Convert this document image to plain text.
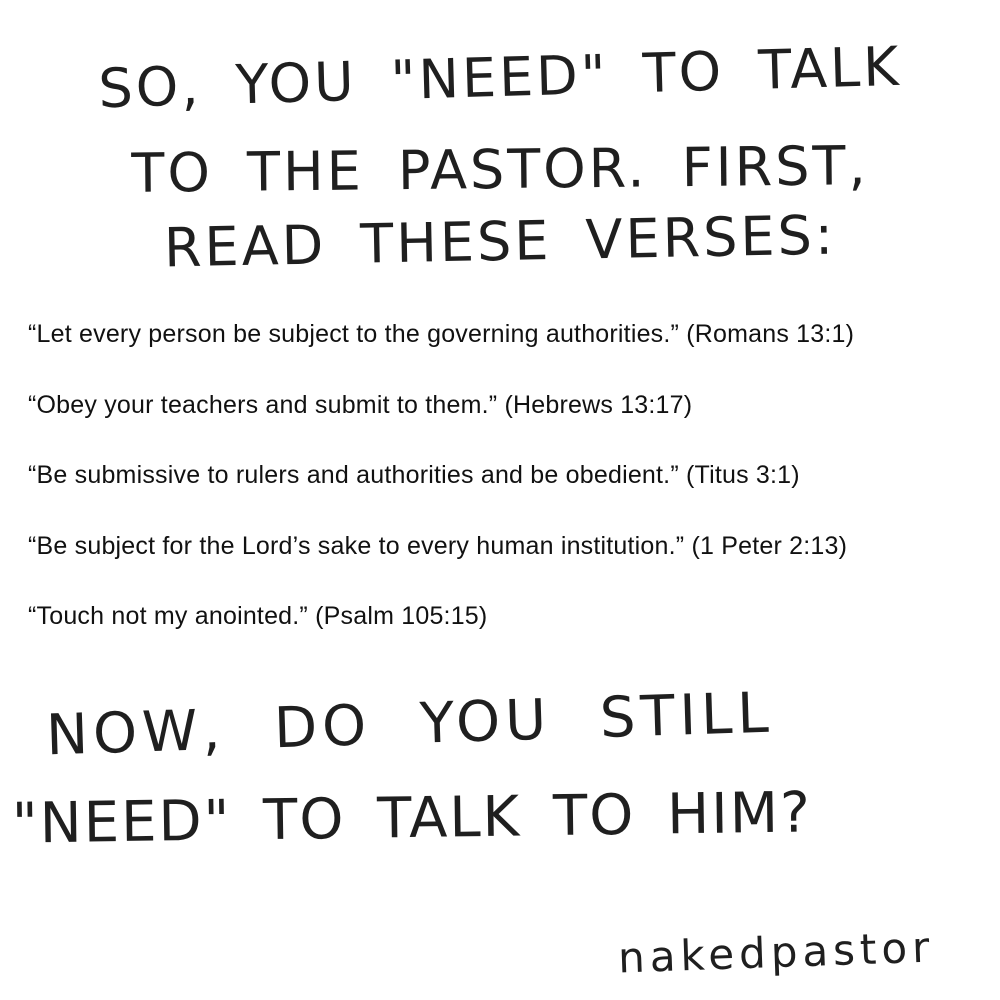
SO, YOU "NEED" TO TALK
TO THE PASTOR. FIRST,
READ THESE VERSES:
“Let every person be subject to the governing authorities.” (Romans 13:1)
“Obey your teachers and submit to them.” (Hebrews 13:17)
“Be submissive to rulers and authorities and be obedient.” (Titus 3:1)
“Be subject for the Lord’s sake to every human institution.” (1 Peter 2:13)
“Touch not my anointed.” (Psalm 105:15)
NOW, DO YOU STILL
"NEED" TO TALK TO HIM?
nakedpastor
